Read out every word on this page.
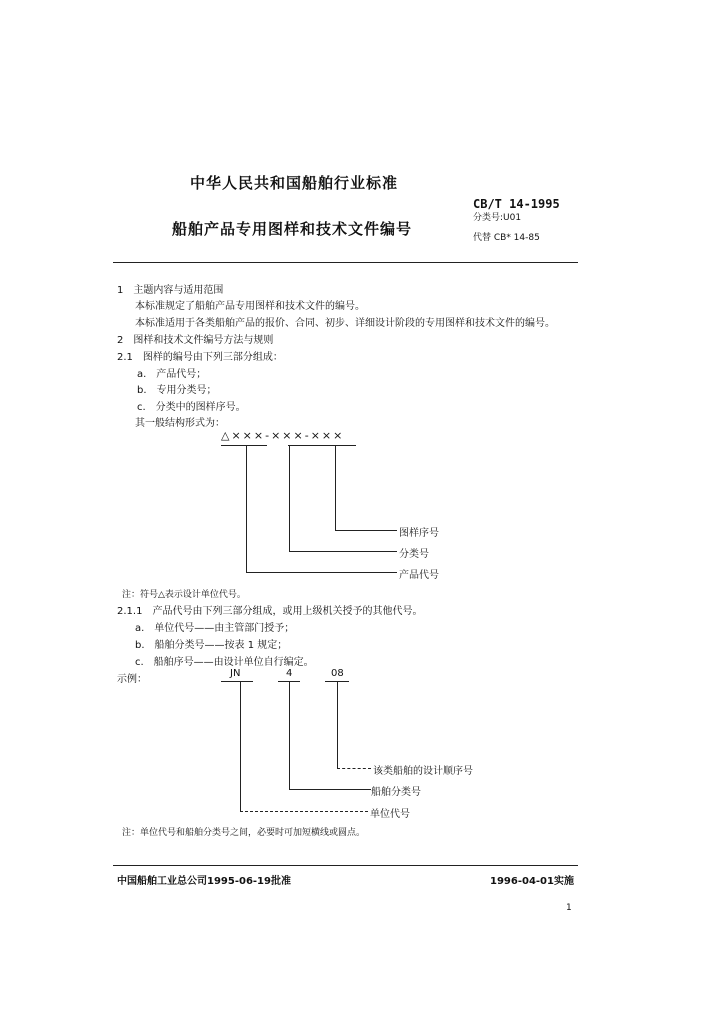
中华人民共和国船舶行业标准
船舶产品专用图样和技术文件编号
CB/T 14-1995
分类号:U01
代替 CB* 14-85
1　主题内容与适用范围
本标准规定了船舶产品专用图样和技术文件的编号。
本标准适用于各类船舶产品的报价、合同、初步、详细设计阶段的专用图样和技术文件的编号。
2　图样和技术文件编号方法与规则
2.1　图样的编号由下列三部分组成：
a.　产品代号；
b.　专用分类号；
c.　分类中的图样序号。
其一般结构形式为：
△×××-×××-×××
图样序号
分类号
产品代号
注：符号△表示设计单位代号。
2.1.1　产品代号由下列三部分组成，或用上级机关授予的其他代号。
a.　单位代号——由主管部门授予；
b.　船舶分类号——按表 1 规定；
c.　船舶序号——由设计单位自行编定。
示例：
JN	4	08
该类船舶的设计顺序号
船舶分类号
单位代号
注：单位代号和船舶分类号之间，必要时可加短横线或圆点。
中国船舶工业总公司1995-06-19批准	1996-04-01实施
1
